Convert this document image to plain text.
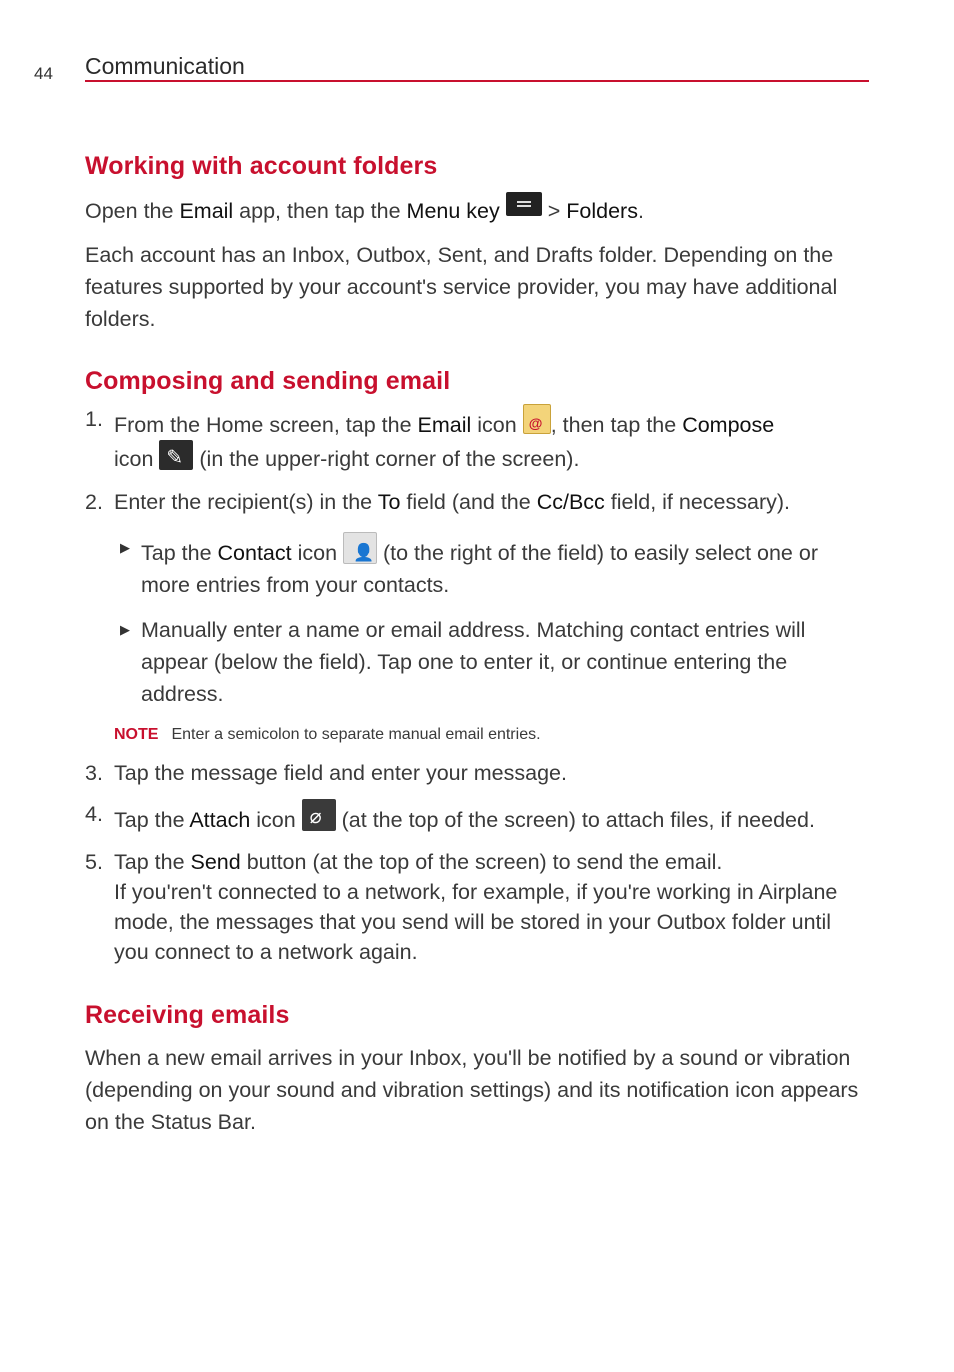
44 Communication
Working with account folders

Open the Email app, then tap the Menu key  > Folders.

Each account has an Inbox, Outbox, Sent, and Drafts folder. Depending on the features supported by your account's service provider, you may have additional folders.

Composing and sending email

1. From the Home screen, tap the Email icon @ , then tap the Compose
icon ✎ (in the upper-right corner of the screen).

2. Enter the recipient(s) in the To field (and the Cc/Bcc field, if necessary).

▶ Tap the Contact icon 👤 (to the right of the field) to easily select one or more entries from your contacts.

▶ Manually enter a name or email address. Matching contact entries will appear (below the field). Tap one to enter it, or continue entering the address.

NOTE Enter a semicolon to separate manual email entries.

3. Tap the message field and enter your message.

4. Tap the Attach icon ⌀ (at the top of the screen) to attach files, if needed.

5. Tap the Send button (at the top of the screen) to send the email.
If you'ren't connected to a network, for example, if you're working in Airplane mode, the messages that you send will be stored in your Outbox folder until you connect to a network again.

Receiving emails

When a new email arrives in your Inbox, you'll be notified by a sound or vibration (depending on your sound and vibration settings) and its notification icon appears on the Status Bar.
